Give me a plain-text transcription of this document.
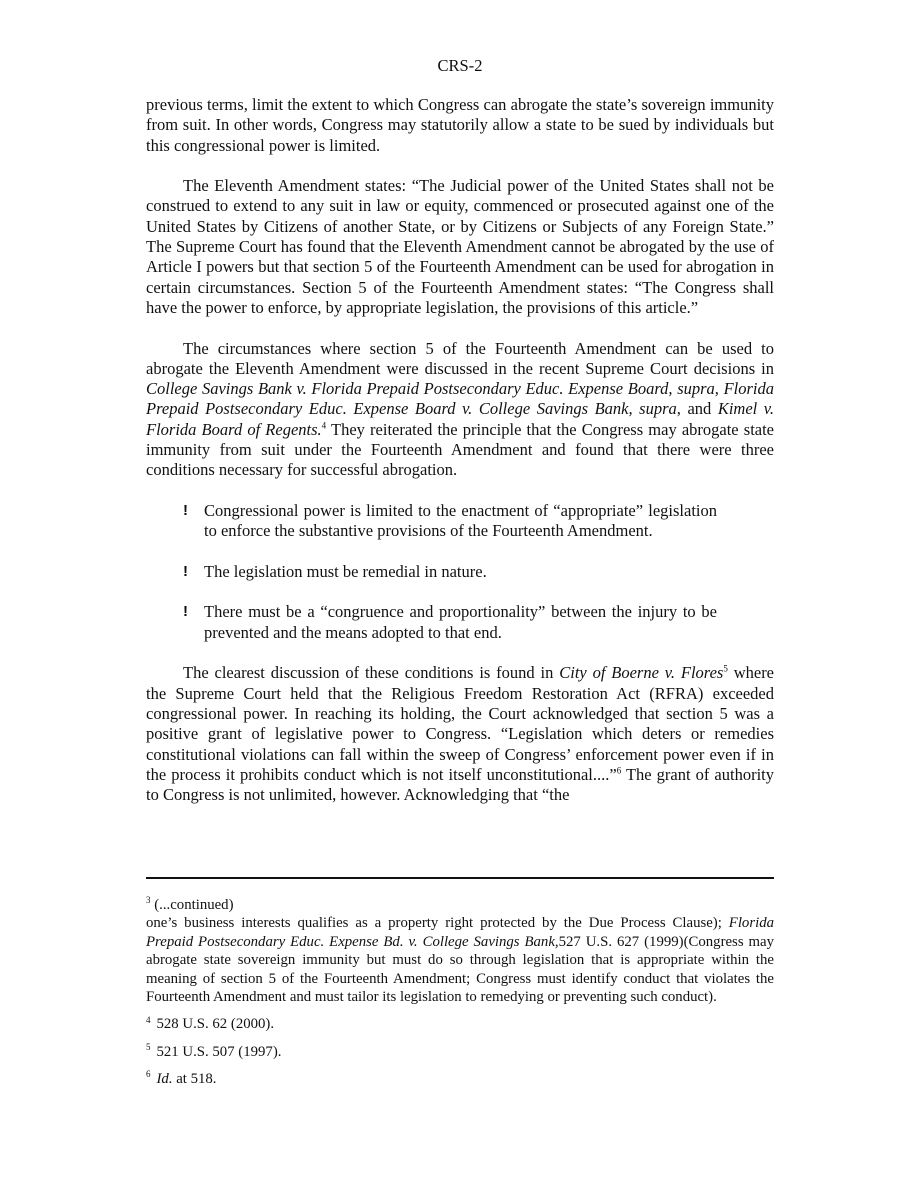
CRS-2

previous terms, limit the extent to which Congress can abrogate the state’s sovereign immunity from suit. In other words, Congress may statutorily allow a state to be sued by individuals but this congressional power is limited.

The Eleventh Amendment states: “The Judicial power of the United States shall not be construed to extend to any suit in law or equity, commenced or prosecuted against one of the United States by Citizens of another State, or by Citizens or Subjects of any Foreign State.” The Supreme Court has found that the Eleventh Amendment cannot be abrogated by the use of Article I powers but that section 5 of the Fourteenth Amendment can be used for abrogation in certain circumstances. Section 5 of the Fourteenth Amendment states: “The Congress shall have the power to enforce, by appropriate legislation, the provisions of this article.”

The circumstances where section 5 of the Fourteenth Amendment can be used to abrogate the Eleventh Amendment were discussed in the recent Supreme Court decisions in College Savings Bank v. Florida Prepaid Postsecondary Educ. Expense Board, supra, Florida Prepaid Postsecondary Educ. Expense Board v. College Savings Bank, supra, and Kimel v. Florida Board of Regents.$^4$ They reiterated the principle that the Congress may abrogate state immunity from suit under the Fourteenth Amendment and found that there were three conditions necessary for successful abrogation.

! Congressional power is limited to the enactment of “appropriate” legislation to enforce the substantive provisions of the Fourteenth Amendment.
! The legislation must be remedial in nature.
! There must be a “congruence and proportionality” between the injury to be prevented and the means adopted to that end.

The clearest discussion of these conditions is found in City of Boerne v. Flores$^5$ where the Supreme Court held that the Religious Freedom Restoration Act (RFRA) exceeded congressional power. In reaching its holding, the Court acknowledged that section 5 was a positive grant of legislative power to Congress. “Legislation which deters or remedies constitutional violations can fall within the sweep of Congress’ enforcement power even if in the process it prohibits conduct which is not itself unconstitutional....”$^6$ The grant of authority to Congress is not unlimited, however. Acknowledging that “the

$^3$ (...continued)

one’s business interests qualifies as a property right protected by the Due Process Clause); Florida Prepaid Postsecondary Educ. Expense Bd. v. College Savings Bank,527 U.S. 627 (1999)(Congress may abrogate state sovereign immunity but must do so through legislation that is appropriate within the meaning of section 5 of the Fourteenth Amendment; Congress must identify conduct that violates the Fourteenth Amendment and must tailor its legislation to remedying or preventing such conduct).

$^4$ 528 U.S. 62 (2000).

$^5$ 521 U.S. 507 (1997).

$^6$ Id. at 518.
